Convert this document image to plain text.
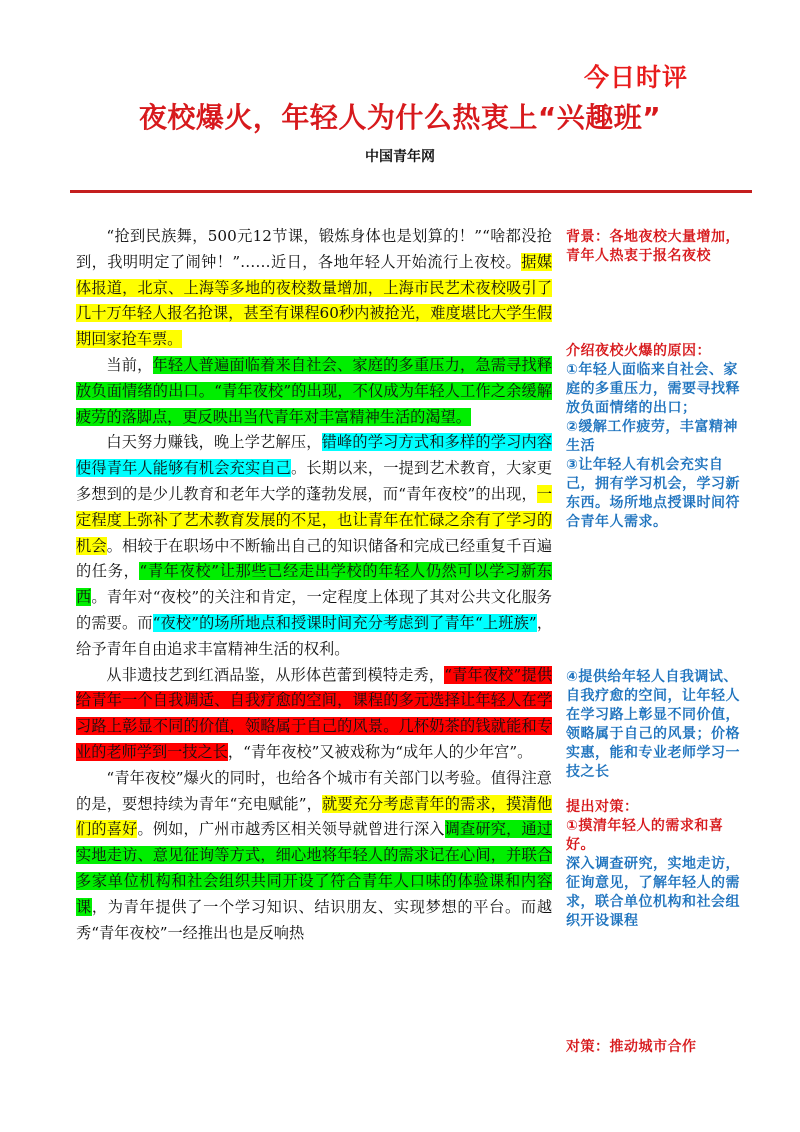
今日时评
夜校爆火，年轻人为什么热衷上“兴趣班”
中国青年网

“抢到民族舞，500元12节课，锻炼身体也是划算的！”“啥都没抢到，我明明定了闹钟！”……近日，各地年轻人开始流行上夜校。据媒体报道，北京、上海等多地的夜校数量增加，上海市民艺术夜校吸引了几十万年轻人报名抢课，甚至有课程60秒内被抢光，难度堪比大学生假期回家抢车票。

当前，年轻人普遍面临着来自社会、家庭的多重压力，急需寻找释放负面情绪的出口。“青年夜校”的出现，不仅成为年轻人工作之余缓解疲劳的落脚点，更反映出当代青年对丰富精神生活的渴望。

白天努力赚钱，晚上学艺解压，错峰的学习方式和多样的学习内容使得青年人能够有机会充实自己。长期以来，一提到艺术教育，大家更多想到的是少儿教育和老年大学的蓬勃发展，而“青年夜校”的出现，一定程度上弥补了艺术教育发展的不足，也让青年在忙碌之余有了学习的机会。相较于在职场中不断输出自己的知识储备和完成已经重复千百遍的任务，“青年夜校”让那些已经走出学校的年轻人仍然可以学习新东西。青年对“夜校”的关注和肯定，一定程度上体现了其对公共文化服务的需要。而“夜校”的场所地点和授课时间充分考虑到了青年“上班族”，给予青年自由追求丰富精神生活的权利。

从非遗技艺到红酒品鉴，从形体芭蕾到模特走秀，“青年夜校”提供给青年一个自我调适、自我疗愈的空间，课程的多元选择让年轻人在学习路上彰显不同的价值，领略属于自己的风景。几杯奶茶的钱就能和专业的老师学到一技之长，“青年夜校”又被戏称为“成年人的少年宫”。

“青年夜校”爆火的同时，也给各个城市有关部门以考验。值得注意的是，要想持续为青年“充电赋能”，就要充分考虑青年的需求，摸清他们的喜好。例如，广州市越秀区相关领导就曾进行深入调查研究，通过实地走访、意见征询等方式，细心地将年轻人的需求记在心间，并联合多家单位机构和社会组织共同开设了符合青年人口味的体验课和内容课，为青年提供了一个学习知识、结识朋友、实现梦想的平台。而越秀“青年夜校”一经推出也是反响热

背景：各地夜校大量增加，青年人热衷于报名夜校
介绍夜校火爆的原因：
①年轻人面临来自社会、家庭的多重压力，需要寻找释放负面情绪的出口；
②缓解工作疲劳，丰富精神生活
③让年轻人有机会充实自己，拥有学习机会，学习新东西。场所地点授课时间符合青年人需求。
④提供给年轻人自我调试、自我疗愈的空间，让年轻人在学习路上彰显不同价值，领略属于自己的风景；价格实惠，能和专业老师学习一技之长
提出对策：
①摸清年轻人的需求和喜好。
深入调查研究，实地走访，征询意见，了解年轻人的需求，联合单位机构和社会组织开设课程
对策：推动城市合作
